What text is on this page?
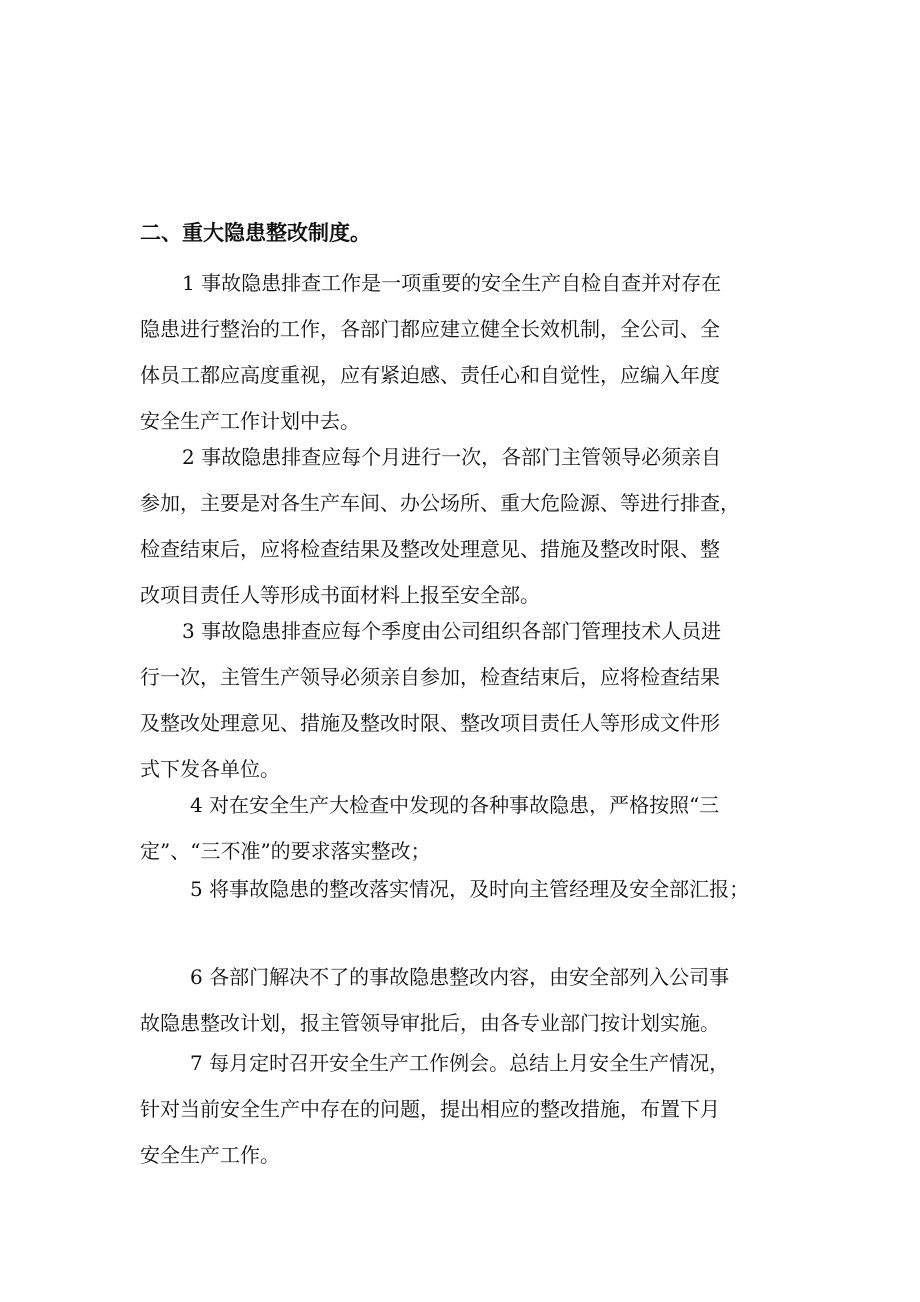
二、重大隐患整改制度。
1 事故隐患排查工作是一项重要的安全生产自检自查并对存在
隐患进行整治的工作，各部门都应建立健全长效机制，全公司、全
体员工都应高度重视，应有紧迫感、责任心和自觉性，应编入年度
安全生产工作计划中去。
2 事故隐患排查应每个月进行一次，各部门主管领导必须亲自
参加，主要是对各生产车间、办公场所、重大危险源、等进行排查，
检查结束后，应将检查结果及整改处理意见、措施及整改时限、整
改项目责任人等形成书面材料上报至安全部。
3 事故隐患排查应每个季度由公司组织各部门管理技术人员进
行一次，主管生产领导必须亲自参加，检查结束后，应将检查结果
及整改处理意见、措施及整改时限、整改项目责任人等形成文件形
式下发各单位。
4 对在安全生产大检查中发现的各种事故隐患，严格按照“三
定”、“三不准”的要求落实整改；
5 将事故隐患的整改落实情况，及时向主管经理及安全部汇报；
6 各部门解决不了的事故隐患整改内容，由安全部列入公司事
故隐患整改计划，报主管领导审批后，由各专业部门按计划实施。
7 每月定时召开安全生产工作例会。总结上月安全生产情况，
针对当前安全生产中存在的问题，提出相应的整改措施，布置下月
安全生产工作。
